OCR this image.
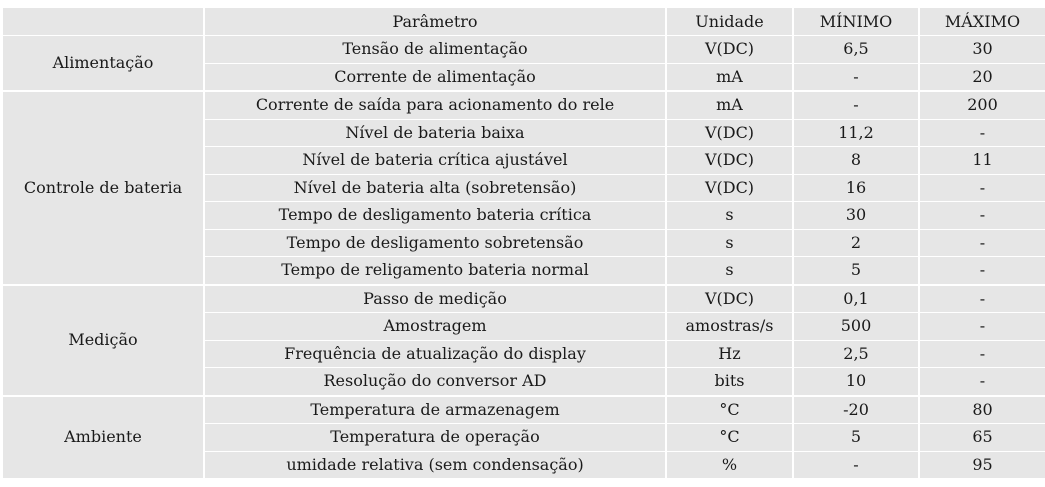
	Parâmetro	Unidade	MÍNIMO	MÁXIMO
Alimentação	Tensão de alimentação	V(DC)	6,5	30
	Corrente de alimentação	mA	-	20
Controle de bateria	Corrente de saída para acionamento do rele	mA	-	200
	Nível de bateria baixa	V(DC)	11,2	-
	Nível de bateria crítica ajustável	V(DC)	8	11
	Nível de bateria alta (sobretensão)	V(DC)	16	-
	Tempo de desligamento bateria crítica	s	30	-
	Tempo de desligamento sobretensão	s	2	-
	Tempo de religamento bateria normal	s	5	-
Medição	Passo de medição	V(DC)	0,1	-
	Amostragem	amostras/s	500	-
	Frequência de atualização do display	Hz	2,5	-
	Resolução do conversor AD	bits	10	-
Ambiente	Temperatura de armazenagem	°C	-20	80
	Temperatura de operação	°C	5	65
	umidade relativa (sem condensação)	%	-	95
